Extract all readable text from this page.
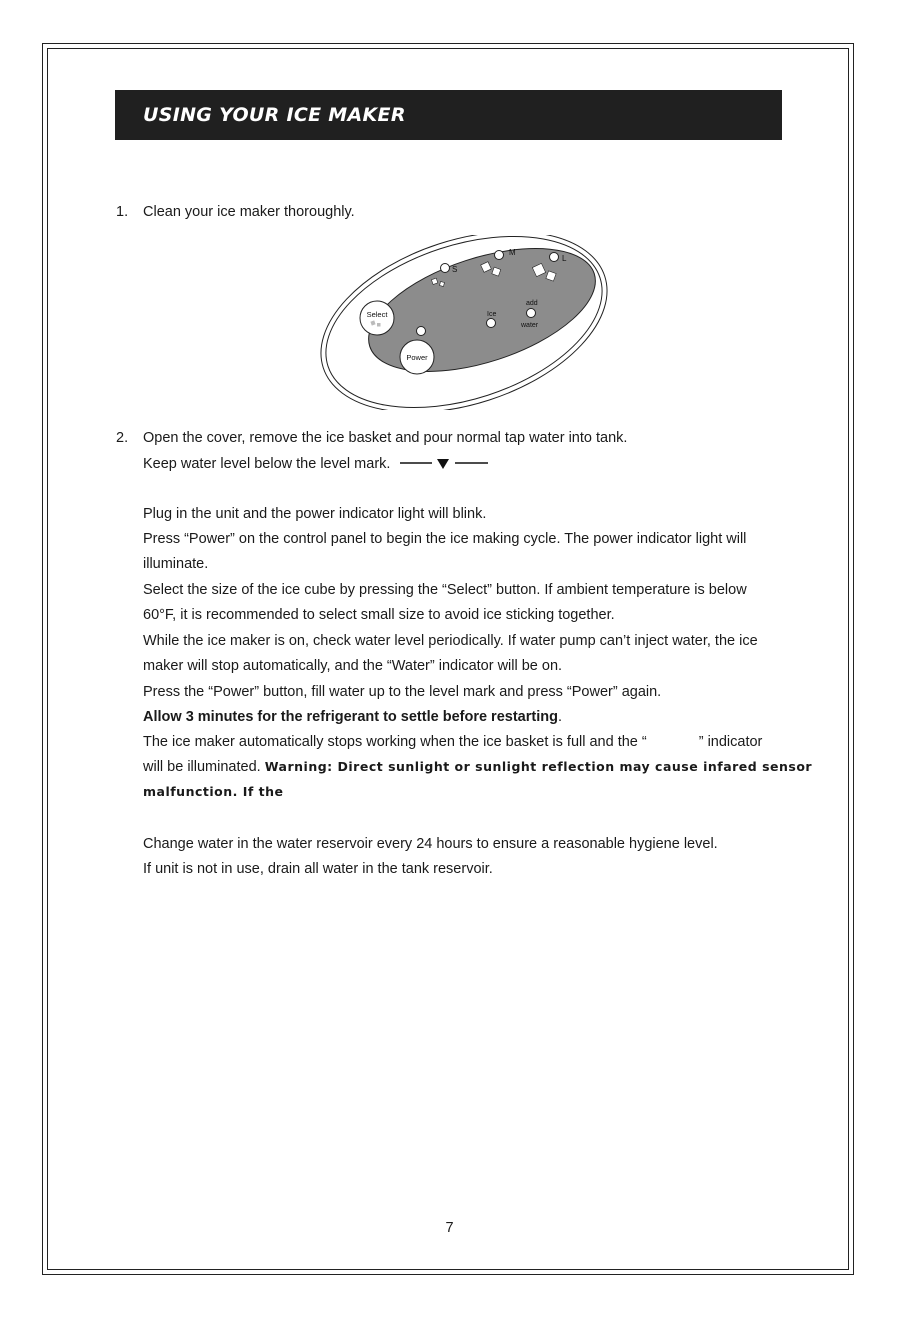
USING YOUR ICE MAKER
1. Clean your ice maker thoroughly.
S
M
L
add
water
Ice
Select
Power
2. Open the cover, remove the ice basket and pour normal tap water into tank.
Keep water level below the level mark.
Plug in the unit and the power indicator light will blink.
Press “Power” on the control panel to begin the ice making cycle. The power indicator light will
illuminate.
Select the size of the ice cube by pressing the “Select” button. If ambient temperature is below
60°F, it is recommended to select small size to avoid ice sticking together.
While the ice maker is on, check water level periodically. If water pump can’t inject water, the ice
maker will stop automatically, and the “Water” indicator will be on.
Press the “Power” button, fill water up to the level mark and press “Power” again.
Allow 3 minutes for the refrigerant to settle before restarting.
The ice maker automatically stops working when the ice basket is full and the “	” indicator
will be illuminated. Warning: Direct sunlight or sunlight reflection may cause infared sensor
malfunction. If the
Change water in the water reservoir every 24 hours to ensure a reasonable hygiene level.
If unit is not in use, drain all water in the tank reservoir.
7
